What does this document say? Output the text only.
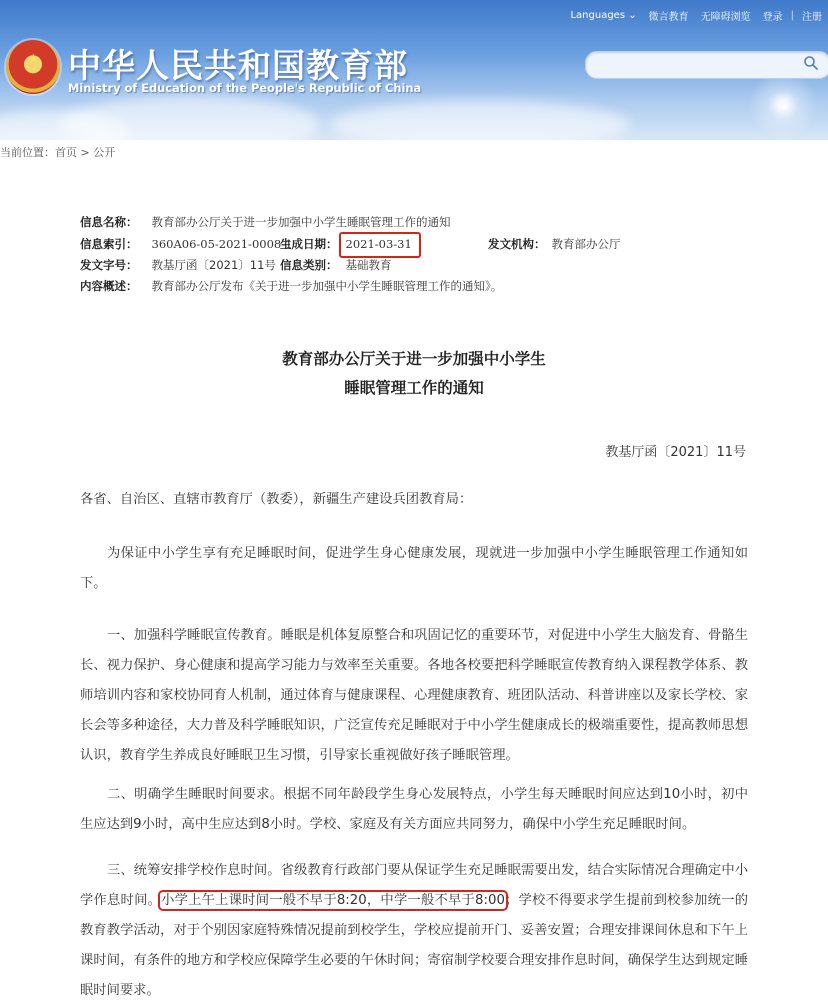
Languages ⌄	微言教育	无障碍浏览	登录 | 注册
★ 中华人民共和国教育部
Ministry of Education of the People's Republic of China
当前位置：首页 > 公开
信息名称： 教育部办公厅关于进一步加强中小学生睡眠管理工作的通知
信息索引： 360A06-05-2021-0008-1
生成日期： 2021-03-31	发文机构： 教育部办公厅
发文字号： 教基厅函〔2021〕11号 信息类别： 基础教育
内容概述： 教育部办公厅发布《关于进一步加强中小学生睡眠管理工作的通知》。
教育部办公厅关于进一步加强中小学生
睡眠管理工作的通知
教基厅函〔2021〕11号
各省、自治区、直辖市教育厅（教委），新疆生产建设兵团教育局：
为保证中小学生享有充足睡眠时间，促进学生身心健康发展，现就进一步加强中小学生睡眠管理工作通知如下。
一、加强科学睡眠宣传教育。睡眠是机体复原整合和巩固记忆的重要环节，对促进中小学生大脑发育、骨骼生长、视力保护、身心健康和提高学习能力与效率至关重要。各地各校要把科学睡眠宣传教育纳入课程教学体系、教师培训内容和家校协同育人机制，通过体育与健康课程、心理健康教育、班团队活动、科普讲座以及家长学校、家长会等多种途径，大力普及科学睡眠知识，广泛宣传充足睡眠对于中小学生健康成长的极端重要性，提高教师思想认识，教育学生养成良好睡眠卫生习惯，引导家长重视做好孩子睡眠管理。
二、明确学生睡眠时间要求。根据不同年龄段学生身心发展特点，小学生每天睡眠时间应达到10小时，初中生应达到9小时，高中生应达到8小时。学校、家庭及有关方面应共同努力，确保中小学生充足睡眠时间。
三、统筹安排学校作息时间。省级教育行政部门要从保证学生充足睡眠需要出发，结合实际情况合理确定中小学作息时间。小学上午上课时间一般不早于8:20，中学一般不早于8:00；学校不得要求学生提前到校参加统一的教育教学活动，对于个别因家庭特殊情况提前到校学生，学校应提前开门、妥善安置；合理安排课间休息和下午上课时间，有条件的地方和学校应保障学生必要的午休时间；寄宿制学校要合理安排作息时间，确保学生达到规定睡眠时间要求。
